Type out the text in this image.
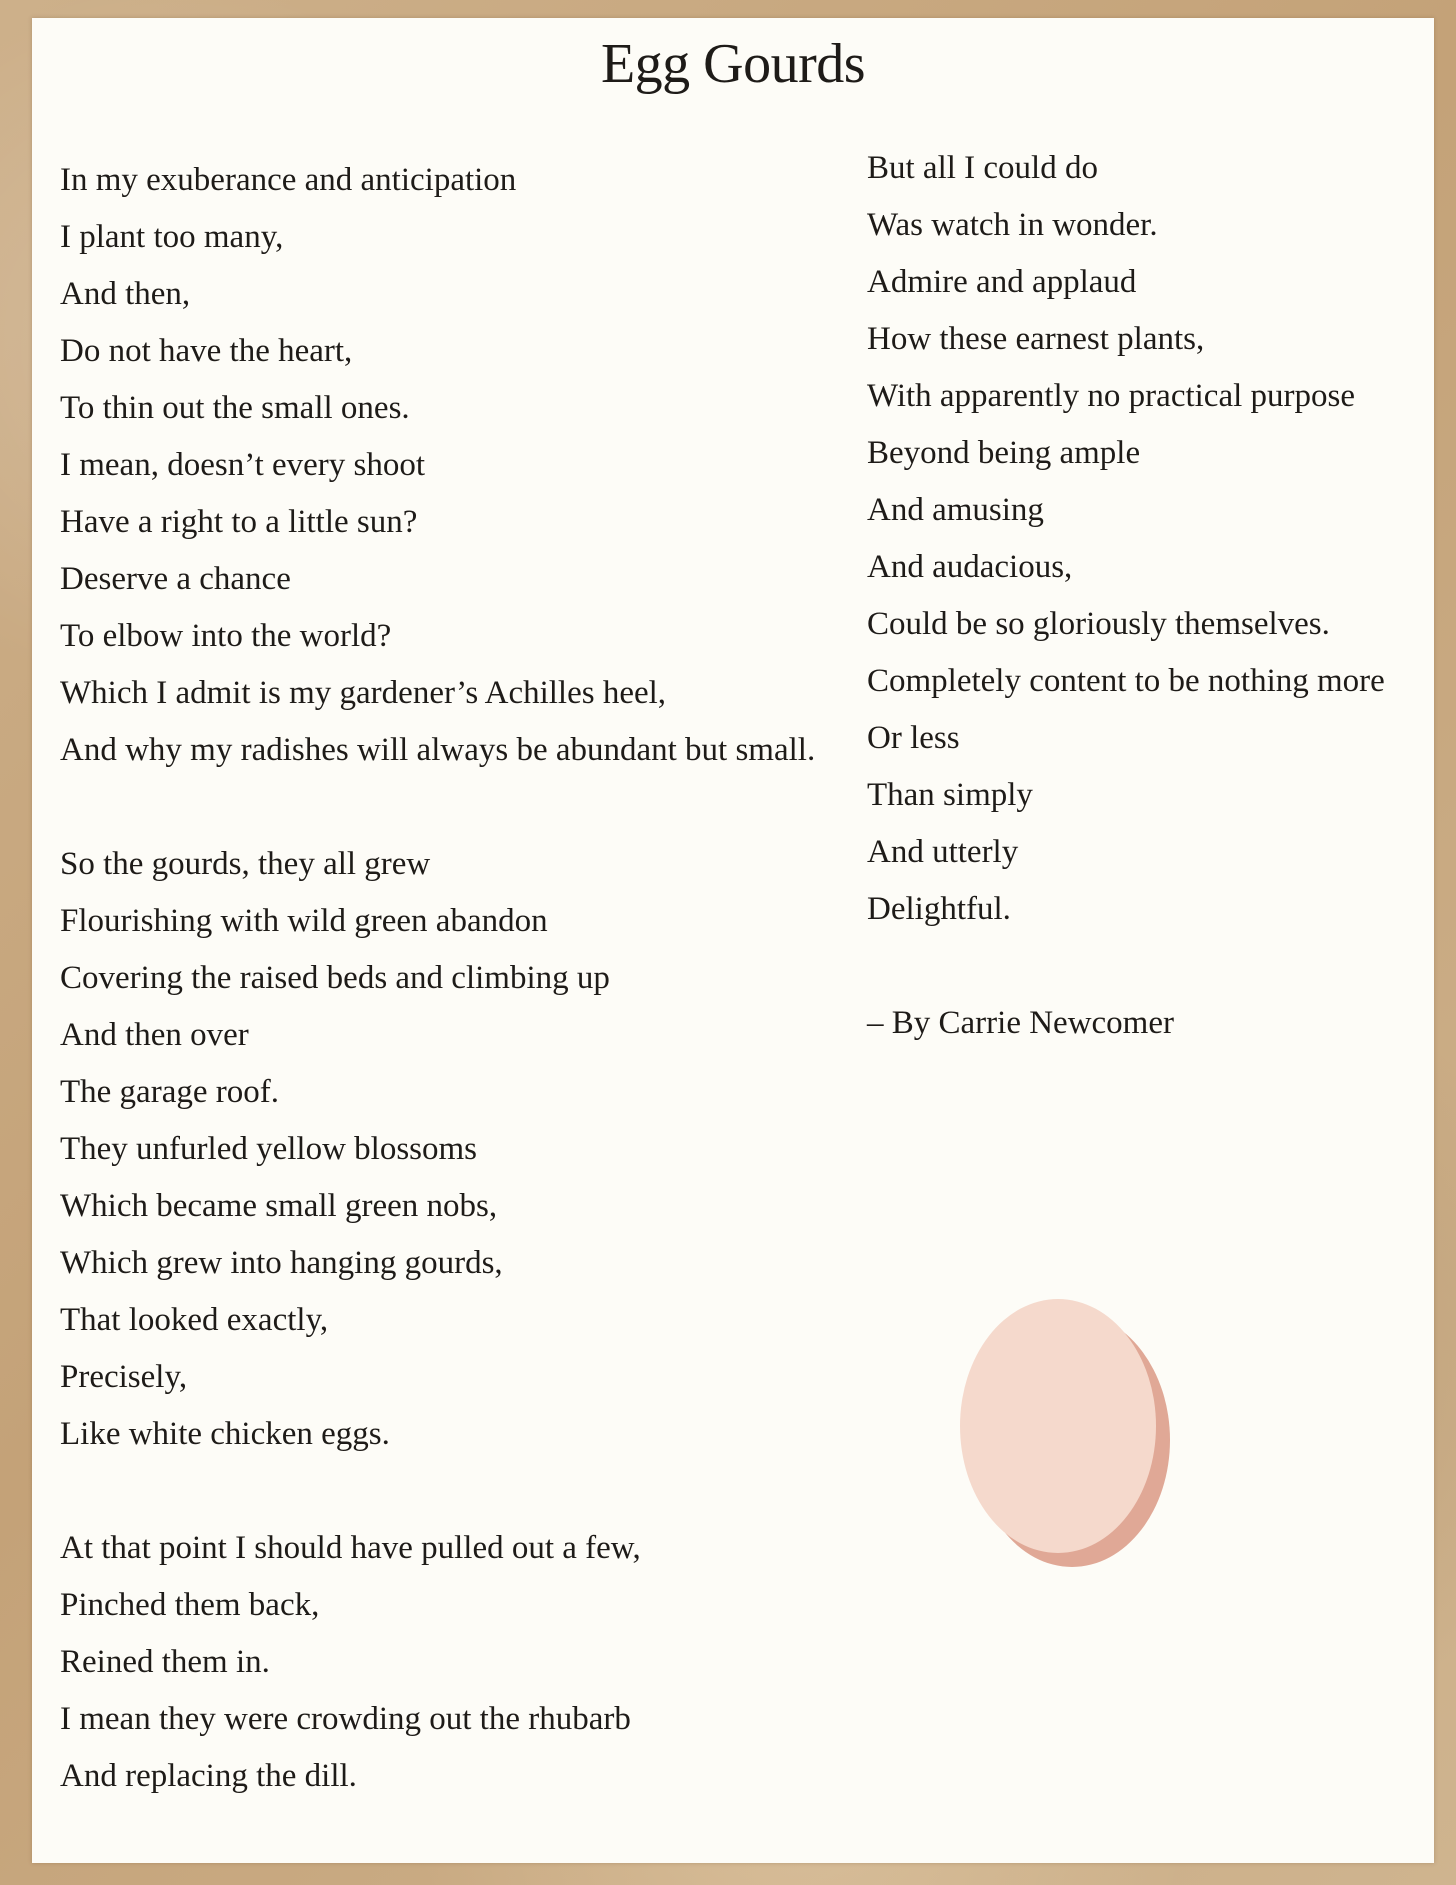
Egg Gourds
In my exuberance and anticipation
I plant too many,
And then,
Do not have the heart,
To thin out the small ones.
I mean, doesn’t every shoot
Have a right to a little sun?
Deserve a chance
To elbow into the world?
Which I admit is my gardener’s Achilles heel,
And why my radishes will always be abundant but small.
So the gourds, they all grew
Flourishing with wild green abandon
Covering the raised beds and climbing up
And then over
The garage roof.
They unfurled yellow blossoms
Which became small green nobs,
Which grew into hanging gourds,
That looked exactly,
Precisely,
Like white chicken eggs.
At that point I should have pulled out a few,
Pinched them back,
Reined them in.
I mean they were crowding out the rhubarb
And replacing the dill.
But all I could do
Was watch in wonder.
Admire and applaud
How these earnest plants,
With apparently no practical purpose
Beyond being ample
And amusing
And audacious,
Could be so gloriously themselves.
Completely content to be nothing more
Or less
Than simply
And utterly
Delightful.
– By Carrie Newcomer
